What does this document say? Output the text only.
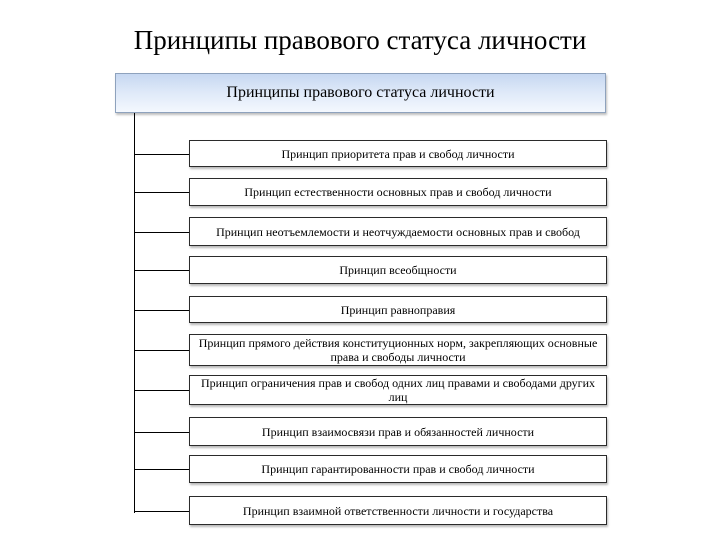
Принципы правового статуса личности
Принципы правового статуса личности
Принцип приоритета прав и свобод личности
Принцип естественности основных прав и свобод личности
Принцип неотъемлемости и неотчуждаемости основных прав и свобод
Принцип всеобщности
Принцип равноправия
Принцип прямого действия конституционных норм, закрепляющих основные права и свободы личности
Принцип ограничения прав и свобод одних лиц правами и свободами других лиц
Принцип взаимосвязи прав и обязанностей личности
Принцип гарантированности прав и свобод личности
Принцип взаимной ответственности личности и государства
